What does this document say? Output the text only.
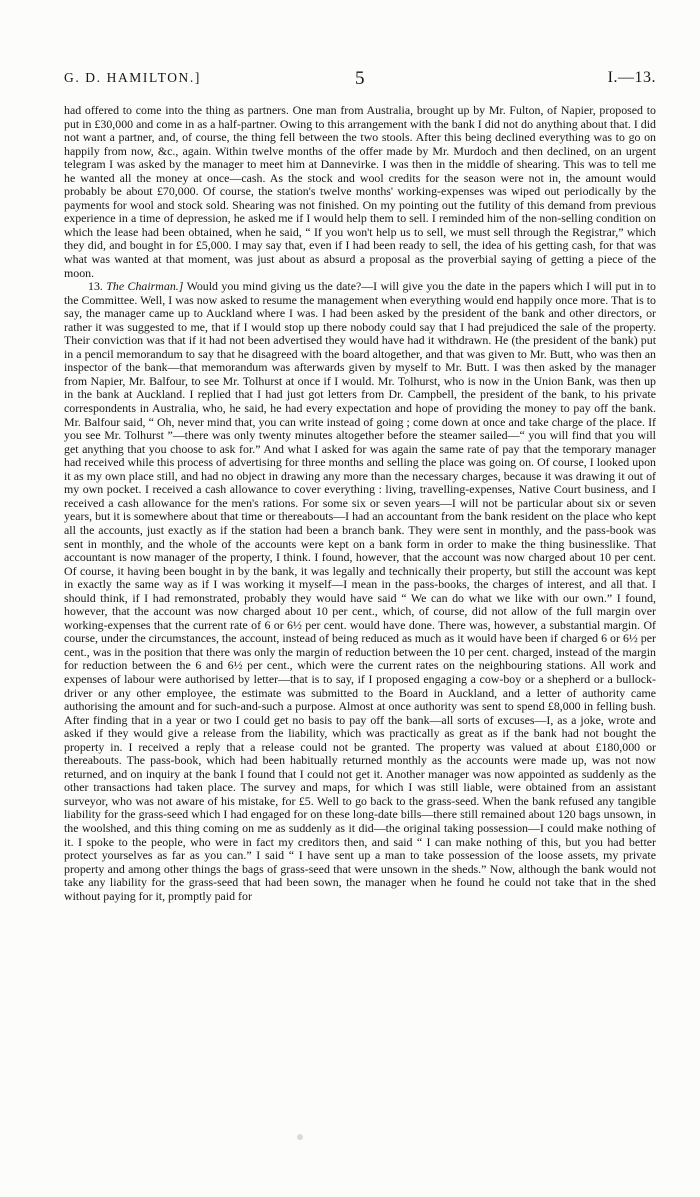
G. D. HAMILTON.]	5	I.—13.

had offered to come into the thing as partners. One man from Australia, brought up by Mr. Fulton, of Napier, proposed to put in £30,000 and come in as a half-partner. Owing to this arrangement with the bank I did not do anything about that. I did not want a partner, and, of course, the thing fell between the two stools. After this being declined everything was to go on happily from now, &c., again. Within twelve months of the offer made by Mr. Murdoch and then declined, on an urgent telegram I was asked by the manager to meet him at Dannevirke. I was then in the middle of shearing. This was to tell me he wanted all the money at once—cash. As the stock and wool credits for the season were not in, the amount would probably be about £70,000. Of course, the station's twelve months' working-expenses was wiped out periodically by the payments for wool and stock sold. Shearing was not finished. On my pointing out the futility of this demand from previous experience in a time of depression, he asked me if I would help them to sell. I reminded him of the non-selling condition on which the lease had been obtained, when he said, “ If you won't help us to sell, we must sell through the Registrar,” which they did, and bought in for £5,000. I may say that, even if I had been ready to sell, the idea of his getting cash, for that was what was wanted at that moment, was just about as absurd a proposal as the proverbial saying of getting a piece of the moon.

13. The Chairman.] Would you mind giving us the date?—I will give you the date in the papers which I will put in to the Committee. Well, I was now asked to resume the management when everything would end happily once more. That is to say, the manager came up to Auckland where I was. I had been asked by the president of the bank and other directors, or rather it was suggested to me, that if I would stop up there nobody could say that I had prejudiced the sale of the property. Their conviction was that if it had not been advertised they would have had it withdrawn. He (the president of the bank) put in a pencil memorandum to say that he disagreed with the board altogether, and that was given to Mr. Butt, who was then an inspector of the bank—that memorandum was afterwards given by myself to Mr. Butt. I was then asked by the manager from Napier, Mr. Balfour, to see Mr. Tolhurst at once if I would. Mr. Tolhurst, who is now in the Union Bank, was then up in the bank at Auckland. I replied that I had just got letters from Dr. Campbell, the president of the bank, to his private correspondents in Australia, who, he said, he had every expectation and hope of providing the money to pay off the bank. Mr. Balfour said, “ Oh, never mind that, you can write instead of going ; come down at once and take charge of the place. If you see Mr. Tolhurst ”—there was only twenty minutes altogether before the steamer sailed—“ you will find that you will get anything that you choose to ask for.” And what I asked for was again the same rate of pay that the temporary manager had received while this process of advertising for three months and selling the place was going on. Of course, I looked upon it as my own place still, and had no object in drawing any more than the necessary charges, because it was drawing it out of my own pocket. I received a cash allowance to cover everything : living, travelling-expenses, Native Court business, and I received a cash allowance for the men's rations. For some six or seven years—I will not be particular about six or seven years, but it is somewhere about that time or thereabouts—I had an accountant from the bank resident on the place who kept all the accounts, just exactly as if the station had been a branch bank. They were sent in monthly, and the pass-book was sent in monthly, and the whole of the accounts were kept on a bank form in order to make the thing businesslike. That accountant is now manager of the property, I think. I found, however, that the account was now charged about 10 per cent. Of course, it having been bought in by the bank, it was legally and technically their property, but still the account was kept in exactly the same way as if I was working it myself—I mean in the pass-books, the charges of interest, and all that. I should think, if I had remonstrated, probably they would have said “ We can do what we like with our own.” I found, however, that the account was now charged about 10 per cent., which, of course, did not allow of the full margin over working-expenses that the current rate of 6 or 6½ per cent. would have done. There was, however, a substantial margin. Of course, under the circumstances, the account, instead of being reduced as much as it would have been if charged 6 or 6½ per cent., was in the position that there was only the margin of reduction between the 10 per cent. charged, instead of the margin for reduction between the 6 and 6½ per cent., which were the current rates on the neighbouring stations. All work and expenses of labour were authorised by letter—that is to say, if I proposed engaging a cow-boy or a shepherd or a bullock-driver or any other employee, the estimate was submitted to the Board in Auckland, and a letter of authority came authorising the amount and for such-and-such a purpose. Almost at once authority was sent to spend £8,000 in felling bush. After finding that in a year or two I could get no basis to pay off the bank—all sorts of excuses—I, as a joke, wrote and asked if they would give a release from the liability, which was practically as great as if the bank had not bought the property in. I received a reply that a release could not be granted. The property was valued at about £180,000 or thereabouts. The pass-book, which had been habitually returned monthly as the accounts were made up, was not now returned, and on inquiry at the bank I found that I could not get it. Another manager was now appointed as suddenly as the other transactions had taken place. The survey and maps, for which I was still liable, were obtained from an assistant surveyor, who was not aware of his mistake, for £5. Well to go back to the grass-seed. When the bank refused any tangible liability for the grass-seed which I had engaged for on these long-date bills—there still remained about 120 bags unsown, in the woolshed, and this thing coming on me as suddenly as it did—the original taking possession—I could make nothing of it. I spoke to the people, who were in fact my creditors then, and said “ I can make nothing of this, but you had better protect yourselves as far as you can.” I said “ I have sent up a man to take possession of the loose assets, my private property and among other things the bags of grass-seed that were unsown in the sheds.” Now, although the bank would not take any liability for the grass-seed that had been sown, the manager when he found he could not take that in the shed without paying for it, promptly paid for
